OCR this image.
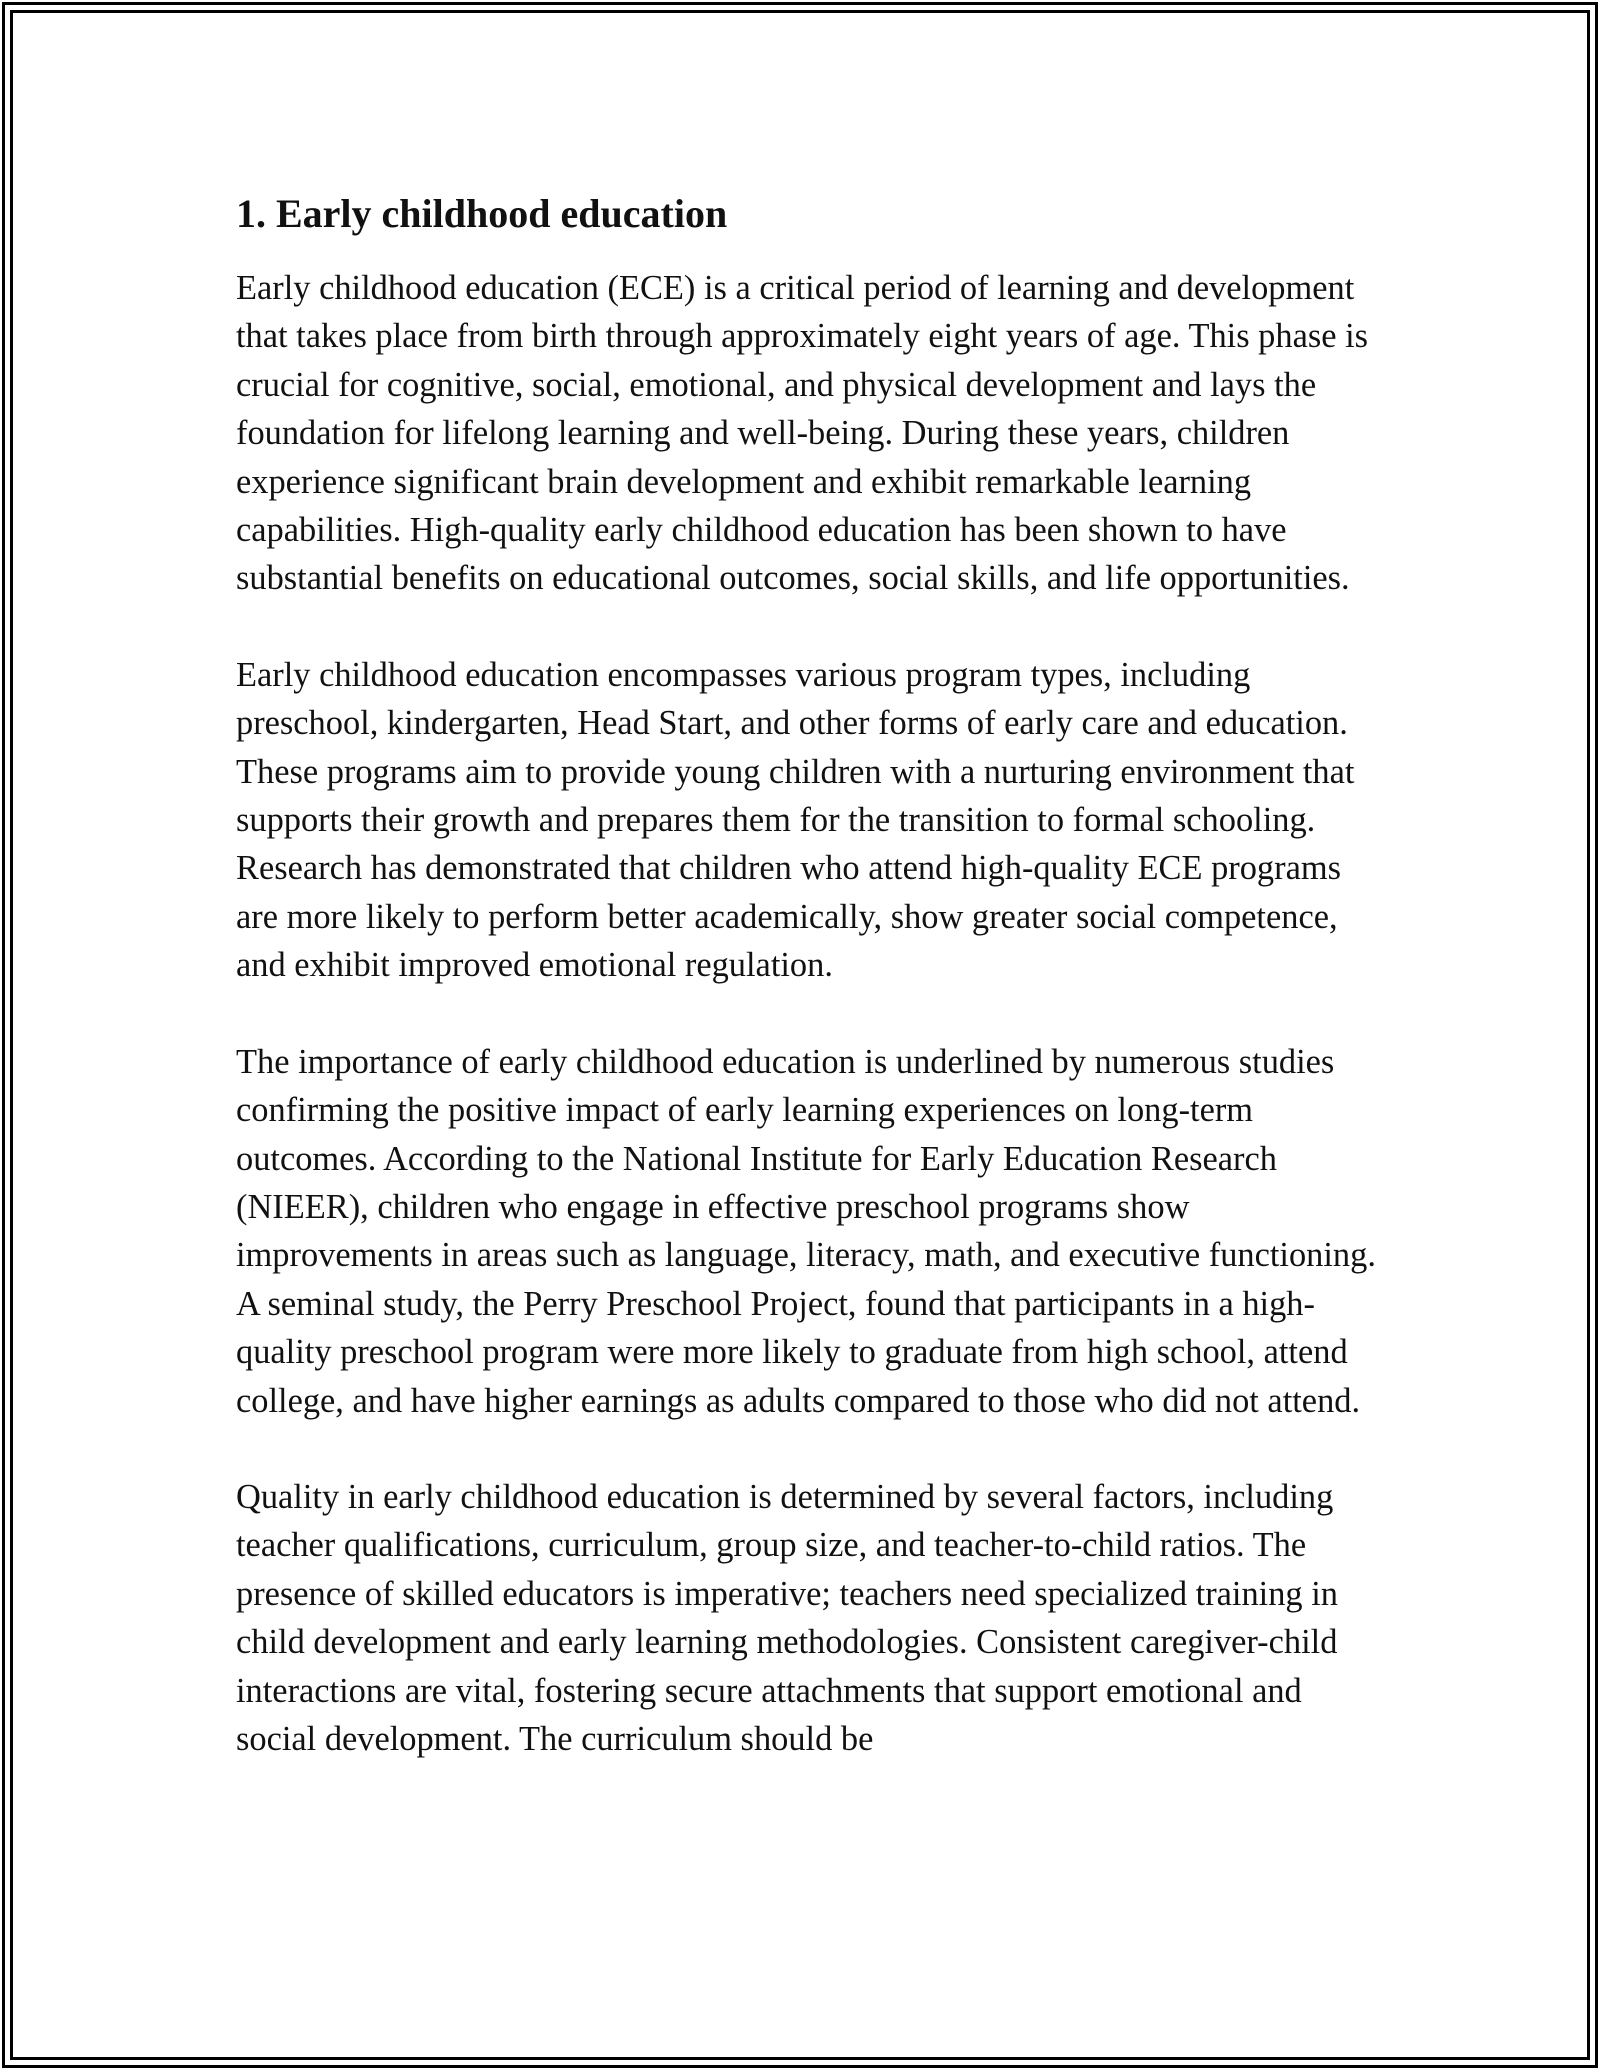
1. Early childhood education

Early childhood education (ECE) is a critical period of learning and development that takes place from birth through approximately eight years of age. This phase is crucial for cognitive, social, emotional, and physical development and lays the foundation for lifelong learning and well-being. During these years, children experience significant brain development and exhibit remarkable learning capabilities. High-quality early childhood education has been shown to have substantial benefits on educational outcomes, social skills, and life opportunities.

Early childhood education encompasses various program types, including preschool, kindergarten, Head Start, and other forms of early care and education. These programs aim to provide young children with a nurturing environment that supports their growth and prepares them for the transition to formal schooling. Research has demonstrated that children who attend high-quality ECE programs are more likely to perform better academically, show greater social competence, and exhibit improved emotional regulation.

The importance of early childhood education is underlined by numerous studies confirming the positive impact of early learning experiences on long-term outcomes. According to the National Institute for Early Education Research (NIEER), children who engage in effective preschool programs show improvements in areas such as language, literacy, math, and executive functioning. A seminal study, the Perry Preschool Project, found that participants in a high-quality preschool program were more likely to graduate from high school, attend college, and have higher earnings as adults compared to those who did not attend.

Quality in early childhood education is determined by several factors, including teacher qualifications, curriculum, group size, and teacher-to-child ratios. The presence of skilled educators is imperative; teachers need specialized training in child development and early learning methodologies. Consistent caregiver-child interactions are vital, fostering secure attachments that support emotional and social development. The curriculum should be
